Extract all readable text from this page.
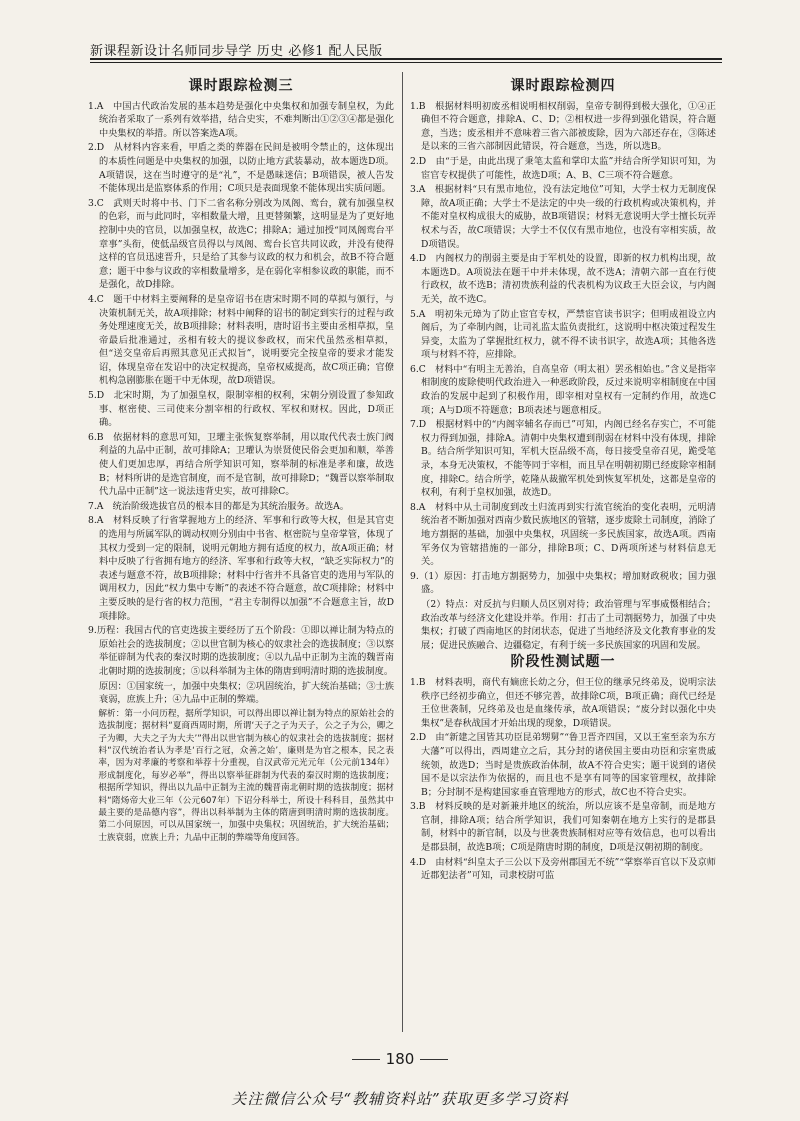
新课程新设计名师同步导学 历史 必修1 配人民版
课时跟踪检测三

1.A　中国古代政治发展的基本趋势是强化中央集权和加强专制皇权，为此统治者采取了一系列有效举措，结合史实，不难判断出①②③④都是强化中央集权的举措。所以答案选A项。

2.D　从材料内容来看，甲盾之类的葬器在民间是被明令禁止的，这体现出的本质性问题是中央集权的加强，以防止地方武装暴动，故本题选D项。A项错误，这在当时遵守的是“礼”，不是愚昧迷信；B项错误，被人告发不能体现出是监察体系的作用；C项只是表面现象不能体现出实质问题。

3.C　武则天时将中书、门下二省名称分别改为凤阁、鸾台，就有加强皇权的色彩，而与此同时，宰相数量大增，且更替频繁，这明显是为了更好地控制中央的官员，以加强皇权，故选C；排除A；通过加授“同凤阁鸾台平章事”头衔，使低品级官员得以与凤阁、鸾台长官共同议政，并没有使得这样的官员迅速晋升，只是给了其参与议政的权力和机会，故B不符合题意；题干中参与议政的宰相数量增多，是在弱化宰相参议政的职能，而不是强化，故D排除。

4.C　题干中材料主要阐释的是皇帝诏书在唐宋时期不同的草拟与颁行，与决策机制无关，故A项排除；材料中阐释的诏书的制定到实行的过程与政务处理速度无关，故B项排除；材料表明，唐时诏书主要由丞相草拟，皇帝最后批准通过，丞相有较大的提议参政权，而宋代虽然丞相草拟，但“送交皇帝后再照其意见正式拟旨”，说明要完全按皇帝的要求才能发诏，体现皇帝在发诏中的决定权提高，皇帝权威提高，故C项正确；官僚机构急剧膨胀在题干中无体现，故D项错误。

5.D　北宋时期，为了加强皇权，限制宰相的权利，宋朝分别设置了参知政事、枢密使、三司使来分割宰相的行政权、军权和财权。因此，D项正确。

6.B　依据材料的意思可知，卫瓘主张恢复察举制，用以取代代表士族门阀利益的九品中正制，故可排除A；卫瓘认为崇贤使民俗会更加和顺，举善使人们更加忠厚，再结合所学知识可知，察举制的标准是孝和廉，故选B；材料所讲的是选官制度，而不是官制，故可排除D；“魏晋以察举制取代九品中正制”这一说法违背史实，故可排除C。

7.A　统治阶级选拔官员的根本目的都是为其统治服务。故选A。

8.A　材料反映了行省掌握地方上的经济、军事和行政等大权，但是其官吏的选用与所属军队的调动权则分别由中书省、枢密院与皇帝掌管，体现了其权力受到一定的限制，说明元朝地方拥有适度的权力，故A项正确；材料中反映了行省拥有地方的经济、军事和行政等大权，“缺乏实际权力”的表述与题意不符，故B项排除；材料中行省并不具备官吏的选用与军队的调用权力，因此“权力集中专断”的表述不符合题意，故C项排除；材料中主要反映的是行省的权力范围，“君主专制得以加强”不合题意主旨，故D项排除。

9.历程：我国古代的官吏选拔主要经历了五个阶段：①即以禅让制为特点的原始社会的选拔制度；②以世官制为核心的奴隶社会的选拔制度；③以察举征辟制为代表的秦汉时期的选拔制度；④以九品中正制为主流的魏晋南北朝时期的选拔制度；⑤以科举制为主体的隋唐到明清时期的选拔制度。

原因：①国家统一，加强中央集权；②巩固统治，扩大统治基础；③士族衰弱，庶族上升；④九品中正制的弊端。

解析：第一小问历程，据所学知识，可以得出即以禅让制为特点的原始社会的选拔制度；据材料“夏商西周时期，所谓‘天子之子为天子，公之子为公，卿之子为卿，大夫之子为大夫’”得出以世官制为核心的奴隶社会的选拔制度；据材料“汉代统治者认为孝是‘百行之冠，众善之始’，廉则是为官之根本，民之表率，因为对孝廉的考察和举荐十分重视，自汉武帝元光元年（公元前134年）形成制度化，每岁必举”，得出以察举征辟制为代表的秦汉时期的选拔制度；根据所学知识，得出以九品中正制为主流的魏晋南北朝时期的选拔制度；据材料“隋炀帝大业三年（公元607年）下诏分科举士，所设十科科目，虽然其中最主要的是品德内容”，得出以科举制为主体的隋唐到明清时期的选拔制度。第二小问原因，可以从国家统一，加强中央集权；巩固统治，扩大统治基础；士族衰弱，庶族上升；九品中正制的弊端等角度回答。

课时跟踪检测四

1.B　根据材料明初废丞相说明相权削弱，皇帝专制得到极大强化，①④正确但不符合题意，排除A、C、D；②相权进一步得到强化错误，符合题意，当选；废丞相并不意味着三省六部被废除，因为六部还存在，③陈述是以来的三省六部制因此错误，符合题意，当选，所以选B。

2.D　由“于是，由此出现了秉笔太监和掌印太监”并结合所学知识可知，为宦官专权提供了可能性，故选D项；A、B、C三项不符合题意。

3.A　根据材料“只有黑市地位，没有法定地位”可知，大学士权力无制度保障，故A项正确；大学士不是法定的中央一级的行政机构或决策机构，并不能对皇权构成很大的威胁，故B项错误；材料无意说明大学士擅长玩弄权术与否，故C项错误；大学士不仅仅有黑市地位，也没有宰相实质，故D项错误。

4.D　内阁权力的削弱主要是由于军机处的设置，即新的权力机构出现，故本题选D。A项说法在题干中并未体现，故不选A；清朝六部一直在行使行政权，故不选B；清初贵族利益的代表机构为议政王大臣会议，与内阁无关，故不选C。

5.A　明初朱元璋为了防止宦官专权，严禁宦官读书识字；但明成祖设立内阁后，为了牵制内阁，让司礼监太监负责批红，这说明中枢决策过程发生异变，太监为了掌握批红权力，就不得不读书识字，故选A项；其他各选项与材料不符，应排除。

6.C　材料中“有明主无善治，自高皇帝（明太祖）罢丞相始也。”含义是指宰相制度的废除使明代政治进入一种恶政阶段，反过来说明宰相制度在中国政治的发展中起到了积极作用，即宰相对皇权有一定制约作用，故选C项；A与D项不符题意；B项表述与题意相反。

7.D　根据材料中的“内阁宰辅名存而已”可知，内阁已经名存实亡，不可能权力得到加强，排除A。清朝中央集权遭到削弱在材料中没有体现，排除B。结合所学知识可知，军机大臣品级不高，每日接受皇帝召见，跪受笔录，本身无决策权，不能等同于宰相，而且早在明朝初期已经废除宰相制度，排除C。结合所学，乾隆从裁撤军机处到恢复军机处，这都是皇帝的权利，有利于皇权加强，故选D。

8.A　材料中从土司制度到改土归流再到实行流官统治的变化表明，元明清统治者不断加强对西南少数民族地区的管辖，逐步废除土司制度，消除了地方割据的基础，加强中央集权，巩固统一多民族国家，故选A项。西南军务仅为管辖措施的一部分，排除B项；C、D两项所述与材料信息无关。

9.（1）原因：打击地方割据势力，加强中央集权；增加财政税收；国力强盛。

（2）特点：对反抗与归顺人员区别对待；政治管理与军事威慑相结合；政治改革与经济文化建设并举。作用：打击了土司割据势力，加强了中央集权；打破了西南地区的封闭状态，促进了当地经济及文化教育事业的发展；促进民族融合、边疆稳定，有利于统一多民族国家的巩固和发展。

阶段性测试题一

1.B　材料表明，商代有嫡庶长幼之分，但王位的继承兄终弟及，说明宗法秩序已经初步确立，但还不够完善，故排除C项，B项正确；商代已经是王位世袭制，兄终弟及也是血缘传承，故A项错误；“废分封以强化中央集权”是春秋战国才开始出现的现象，D项错误。

2.D　由“新建之国皆其功臣昆弟甥舅”“鲁卫晋齐四国，又以王室至亲为东方大藩”可以得出，西周建立之后，其分封的诸侯国主要由功臣和宗室贵戚统领，故选D；当时是贵族政治体制，故A不符合史实；题干说到的诸侯国不是以宗法作为依据的，而且也不是享有同等的国家管理权，故排除B；分封制不是构建国家垂直管理地方的形式，故C也不符合史实。

3.B　材料反映的是对新兼并地区的统治，所以应该不是皇帝制，而是地方官制，排除A项；结合所学知识，我们可知秦朝在地方上实行的是郡县制，材料中的新官制，以及与世袭贵族制相对应等有效信息，也可以看出是郡县制，故选B项；C项是隋唐时期的制度，D项是汉朝初期的制度。

4.D　由材料“纠皇太子三公以下及旁州郡国无不统”“掌察举百官以下及京师近郡犯法者”可知，司隶校尉可监

180
关注微信公众号“教辅资料站”获取更多学习资料
